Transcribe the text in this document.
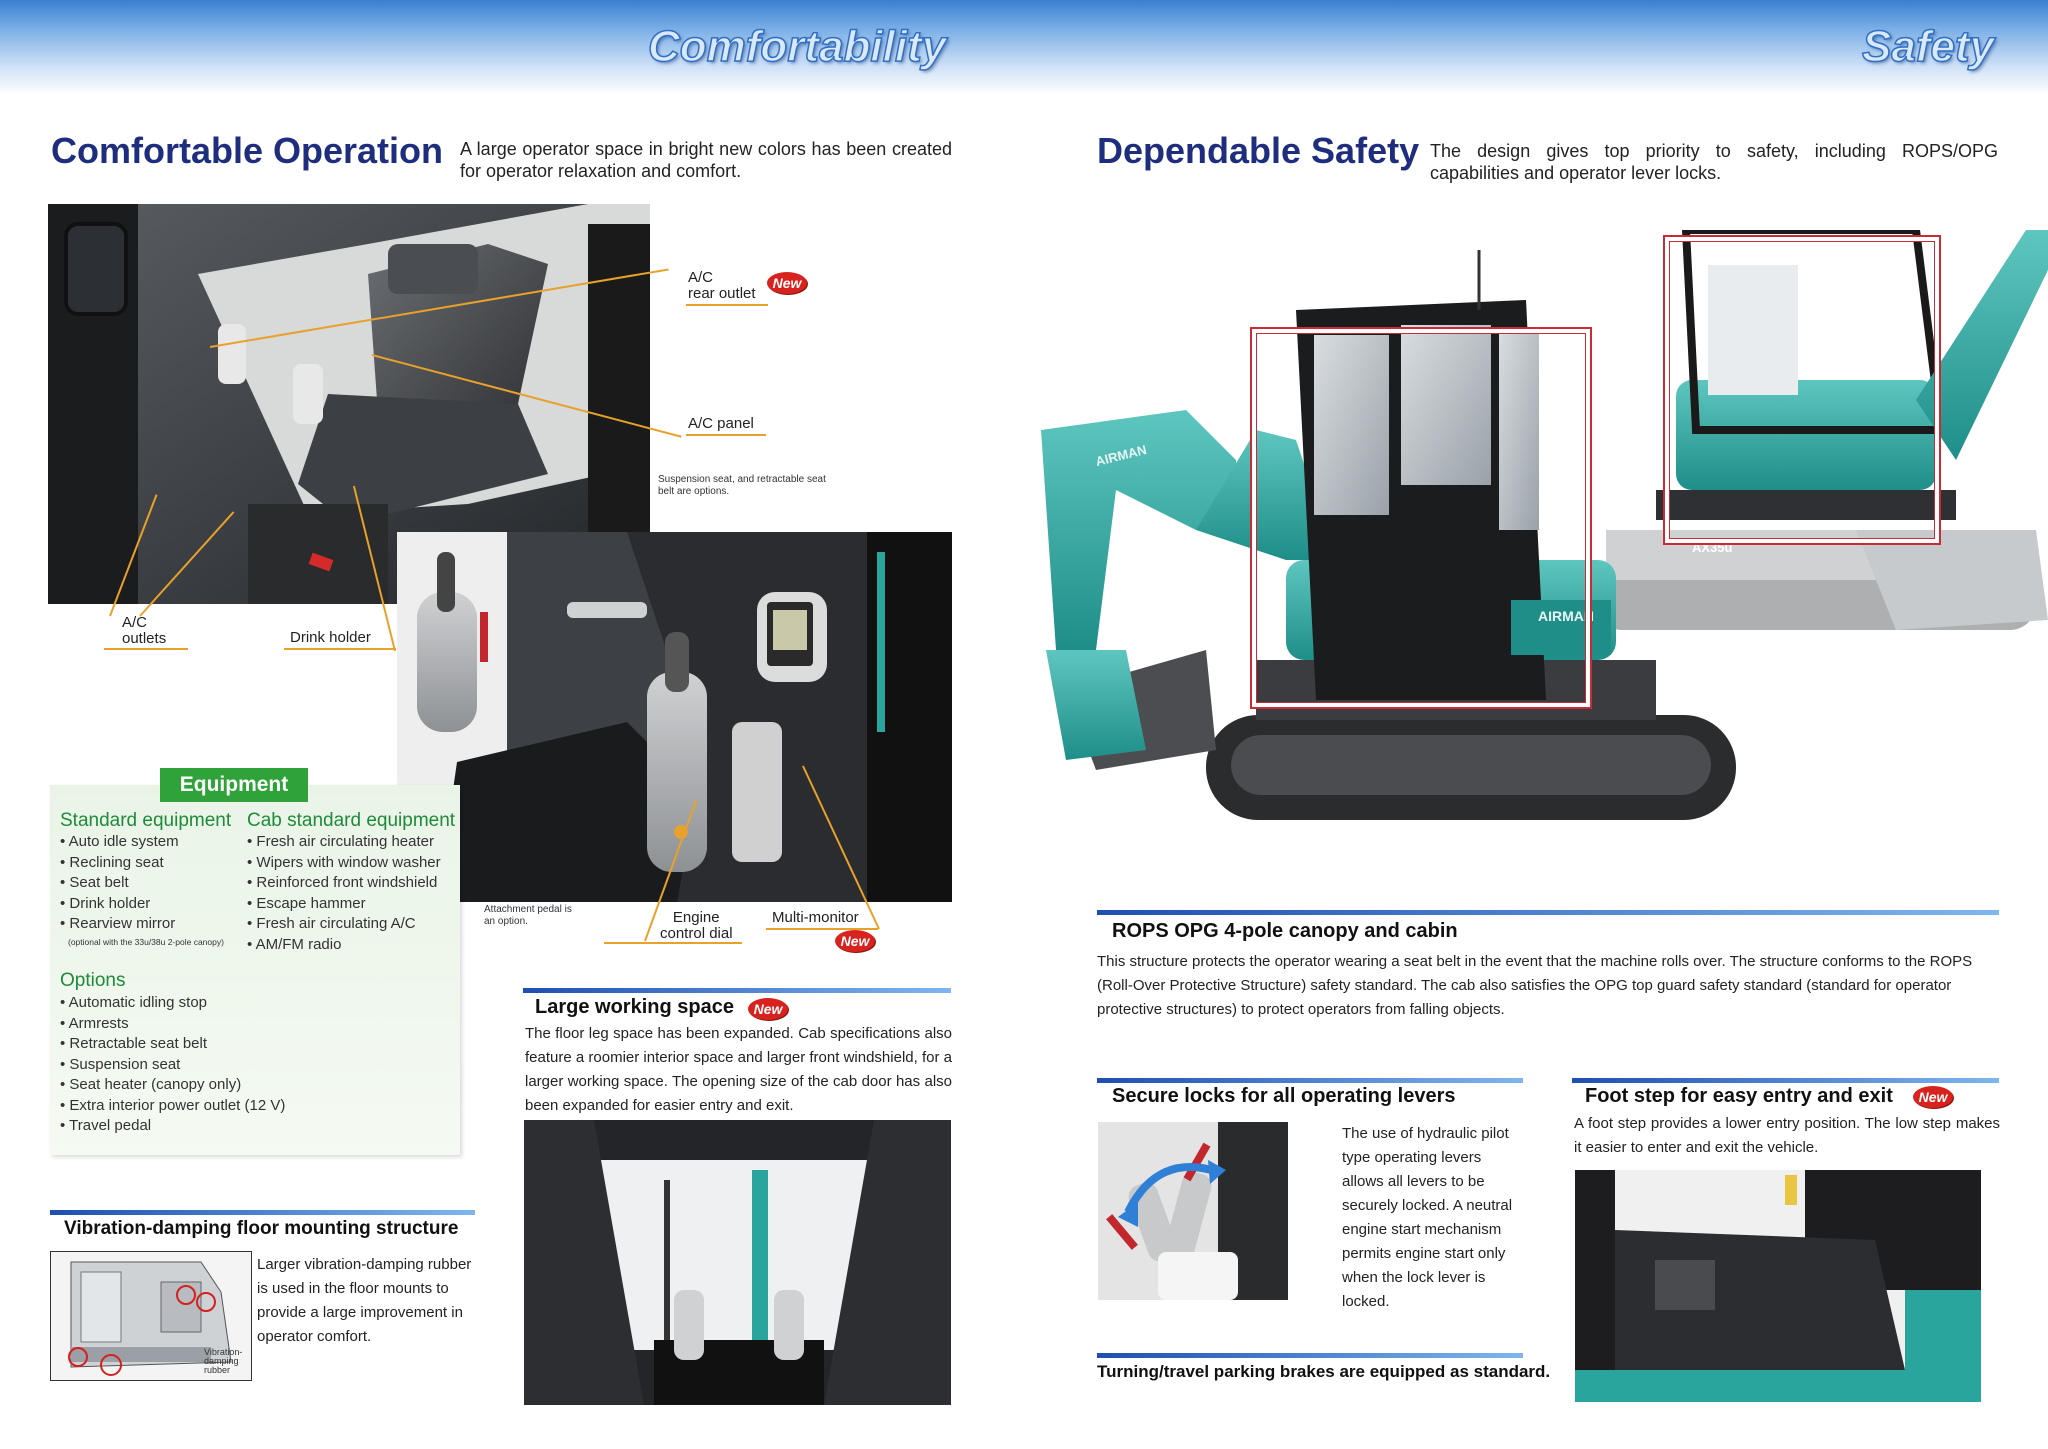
Comfortability	Safety
Comfortable Operation A large operator space in bright new colors has been created for operator relaxation and comfort.
A/C
rear outlet
New
A/C panel
Suspension seat, and retractable seat belt are options.
A/C
outlets	Drink holder
Attachment pedal is an option.	Engine
control dial
Multi-monitor
New
Equipment
Standard equipment
• Auto idle system
• Reclining seat
• Seat belt
• Drink holder
• Rearview mirror
(optional with the 33u/38u 2-pole canopy)
Cab standard equipment
• Fresh air circulating heater
• Wipers with window washer
• Reinforced front windshield
• Escape hammer
• Fresh air circulating A/C
• AM/FM radio
Options
• Automatic idling stop
• Armrests
• Retractable seat belt
• Suspension seat
• Seat heater (canopy only)
• Extra interior power outlet (12 V)
• Travel pedal
Large working space	New
The floor leg space has been expanded. Cab specifications also feature a roomier interior space and larger front windshield, for a larger working space. The opening size of the cab door has also been expanded for easier entry and exit.
Vibration-damping floor mounting structure
Vibration-
damping
rubber
Larger vibration-damping rubber is used in the floor mounts to provide a large improvement in operator comfort.
Dependable Safety The design gives top priority to safety, including ROPS/OPG capabilities and operator lever locks.
AIRMAN
AIRMAN
AX35u
ROPS OPG 4-pole canopy and cabin
This structure protects the operator wearing a seat belt in the event that the machine rolls over. The structure conforms to the ROPS (Roll-Over Protective Structure) safety standard. The cab also satisfies the OPG top guard safety standard (standard for operator protective structures) to protect operators from falling objects.
Secure locks for all operating levers
The use of hydraulic pilot type operating levers allows all levers to be securely locked. A neutral engine start mechanism permits engine start only when the lock lever is locked.
Foot step for easy entry and exit	New
A foot step provides a lower entry position. The low step makes it easier to enter and exit the vehicle.
Turning/travel parking brakes are equipped as standard.
